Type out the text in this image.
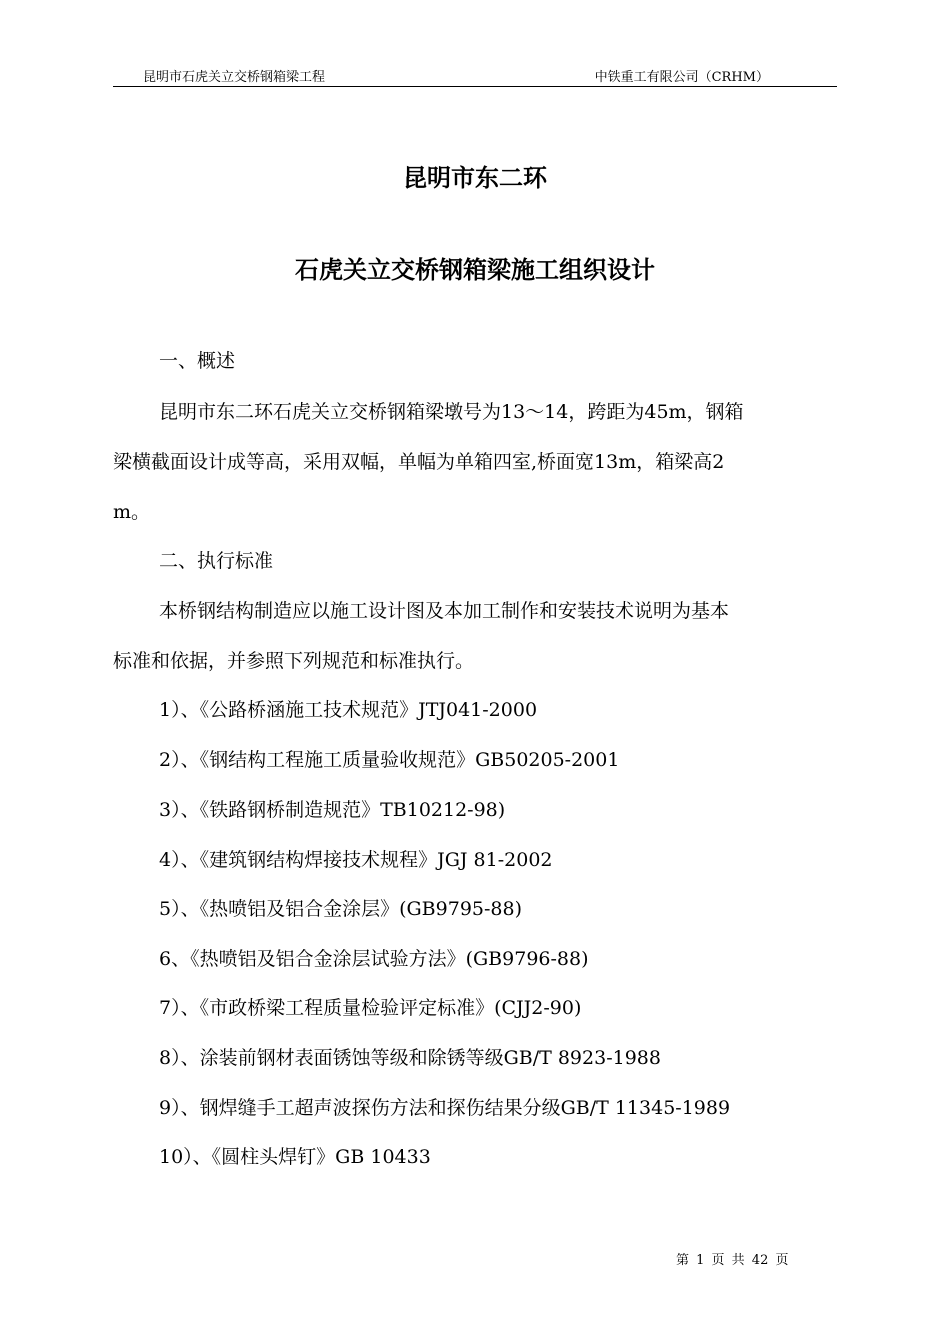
昆明市石虎关立交桥钢箱梁工程	中铁重工有限公司（CRHM）
昆明市东二环
石虎关立交桥钢箱梁施工组织设计
一、概述
昆明市东二环石虎关立交桥钢箱梁墩号为13～14，跨距为45m，钢箱
梁横截面设计成等高，采用双幅，单幅为单箱四室,桥面宽13m，箱梁高2
m。
二、执行标准
本桥钢结构制造应以施工设计图及本加工制作和安装技术说明为基本
标准和依据，并参照下列规范和标准执行。
1）、《公路桥涵施工技术规范》JTJ041-2000
2）、《钢结构工程施工质量验收规范》GB50205-2001
3）、《铁路钢桥制造规范》TB10212-98)
4）、《建筑钢结构焊接技术规程》JGJ 81-2002
5）、《热喷铝及铝合金涂层》(GB9795-88)
6、《热喷铝及铝合金涂层试验方法》(GB9796-88)
7）、《市政桥梁工程质量检验评定标准》(CJJ2-90)
8）、涂装前钢材表面锈蚀等级和除锈等级GB/T 8923-1988
9）、钢焊缝手工超声波探伤方法和探伤结果分级GB/T 11345-1989
10）、《圆柱头焊钉》GB 10433
第 1 页 共 42 页
